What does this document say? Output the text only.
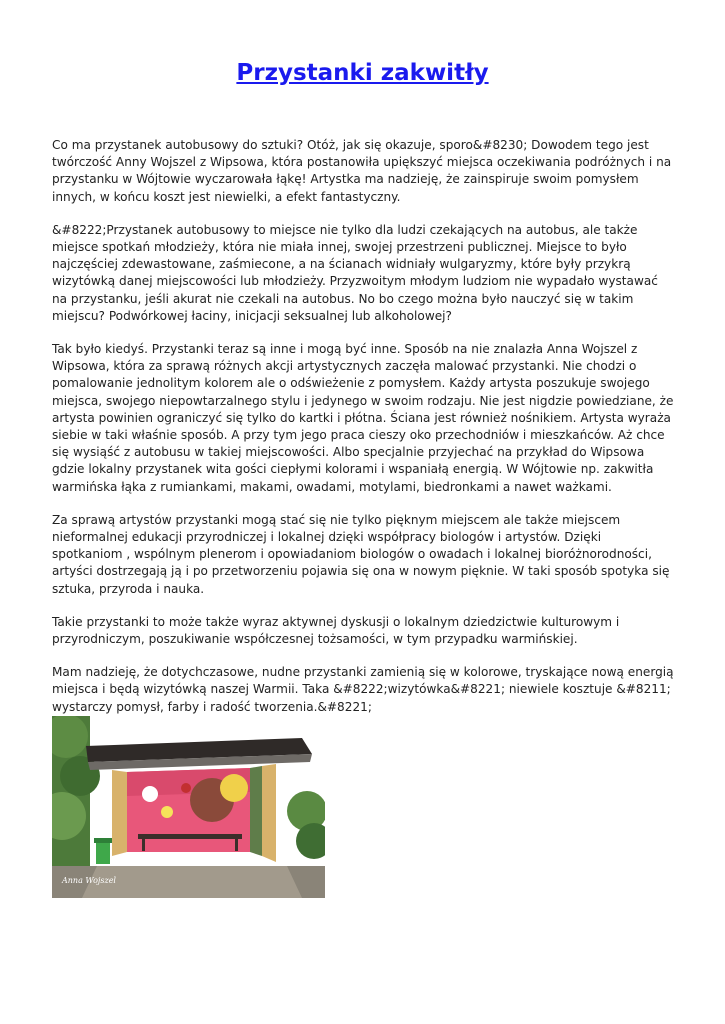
Przystanki zakwitły

Co ma przystanek autobusowy do sztuki? Otóż, jak się okazuje, sporo&#8230; Dowodem tego jest twórczość Anny Wojszel z Wipsowa, która postanowiła upiększyć miejsca oczekiwania podróżnych i na przystanku w Wójtowie wyczarowała łąkę! Artystka ma nadzieję, że zainspiruje swoim pomysłem innych, w końcu koszt jest niewielki, a efekt fantastyczny.

&#8222;Przystanek autobusowy to miejsce nie tylko dla ludzi czekających na autobus, ale także miejsce spotkań młodzieży, która nie miała innej, swojej przestrzeni publicznej. Miejsce to było najczęściej zdewastowane, zaśmiecone, a na ścianach widniały wulgaryzmy, które były przykrą wizytówką danej miejscowości lub młodzieży. Przyzwoitym młodym ludziom nie wypadało wystawać na przystanku, jeśli akurat nie czekali na autobus. No bo czego można było nauczyć się w takim miejscu? Podwórkowej łaciny, inicjacji seksualnej lub alkoholowej?

Tak było kiedyś. Przystanki teraz są inne i mogą być inne. Sposób na nie znalazła Anna Wojszel z Wipsowa, która za sprawą różnych akcji artystycznych zaczęła malować przystanki. Nie chodzi o pomalowanie jednolitym kolorem ale o odświeżenie z pomysłem. Każdy artysta poszukuje swojego miejsca, swojego niepowtarzalnego stylu i jedynego w swoim rodzaju. Nie jest nigdzie powiedziane, że artysta powinien ograniczyć się tylko do kartki i płótna. Ściana jest również nośnikiem. Artysta wyraża siebie w taki właśnie sposób. A przy tym jego praca cieszy oko przechodniów i mieszkańców. Aż chce się wysiąść z autobusu w takiej miejscowości. Albo specjalnie przyjechać na przykład do Wipsowa gdzie lokalny przystanek wita gości ciepłymi kolorami i wspaniałą energią. W Wójtowie np. zakwitła warmińska łąka z rumiankami, makami, owadami, motylami, biedronkami a nawet ważkami.

Za sprawą artystów przystanki mogą stać się nie tylko pięknym miejscem ale także miejscem nieformalnej edukacji przyrodniczej i lokalnej dzięki współpracy biologów i artystów. Dzięki spotkaniom , wspólnym plenerom i opowiadaniom biologów o owadach i lokalnej bioróżnorodności, artyści dostrzegają ją i po przetworzeniu pojawia się ona w nowym pięknie. W taki sposób spotyka się sztuka, przyroda i nauka.

Takie przystanki to może także wyraz aktywnej dyskusji o lokalnym dziedzictwie kulturowym i przyrodniczym, poszukiwanie współczesnej tożsamości, w tym przypadku warmińskiej.

Mam nadzieję, że dotychczasowe, nudne przystanki zamienią się w kolorowe, tryskające nową energią miejsca i będą wizytówką naszej Warmii. Taka &#8222;wizytówka&#8221; niewiele kosztuje &#8211; wystarczy pomysł, farby i radość tworzenia.&#8221;

Anna Wojszel
